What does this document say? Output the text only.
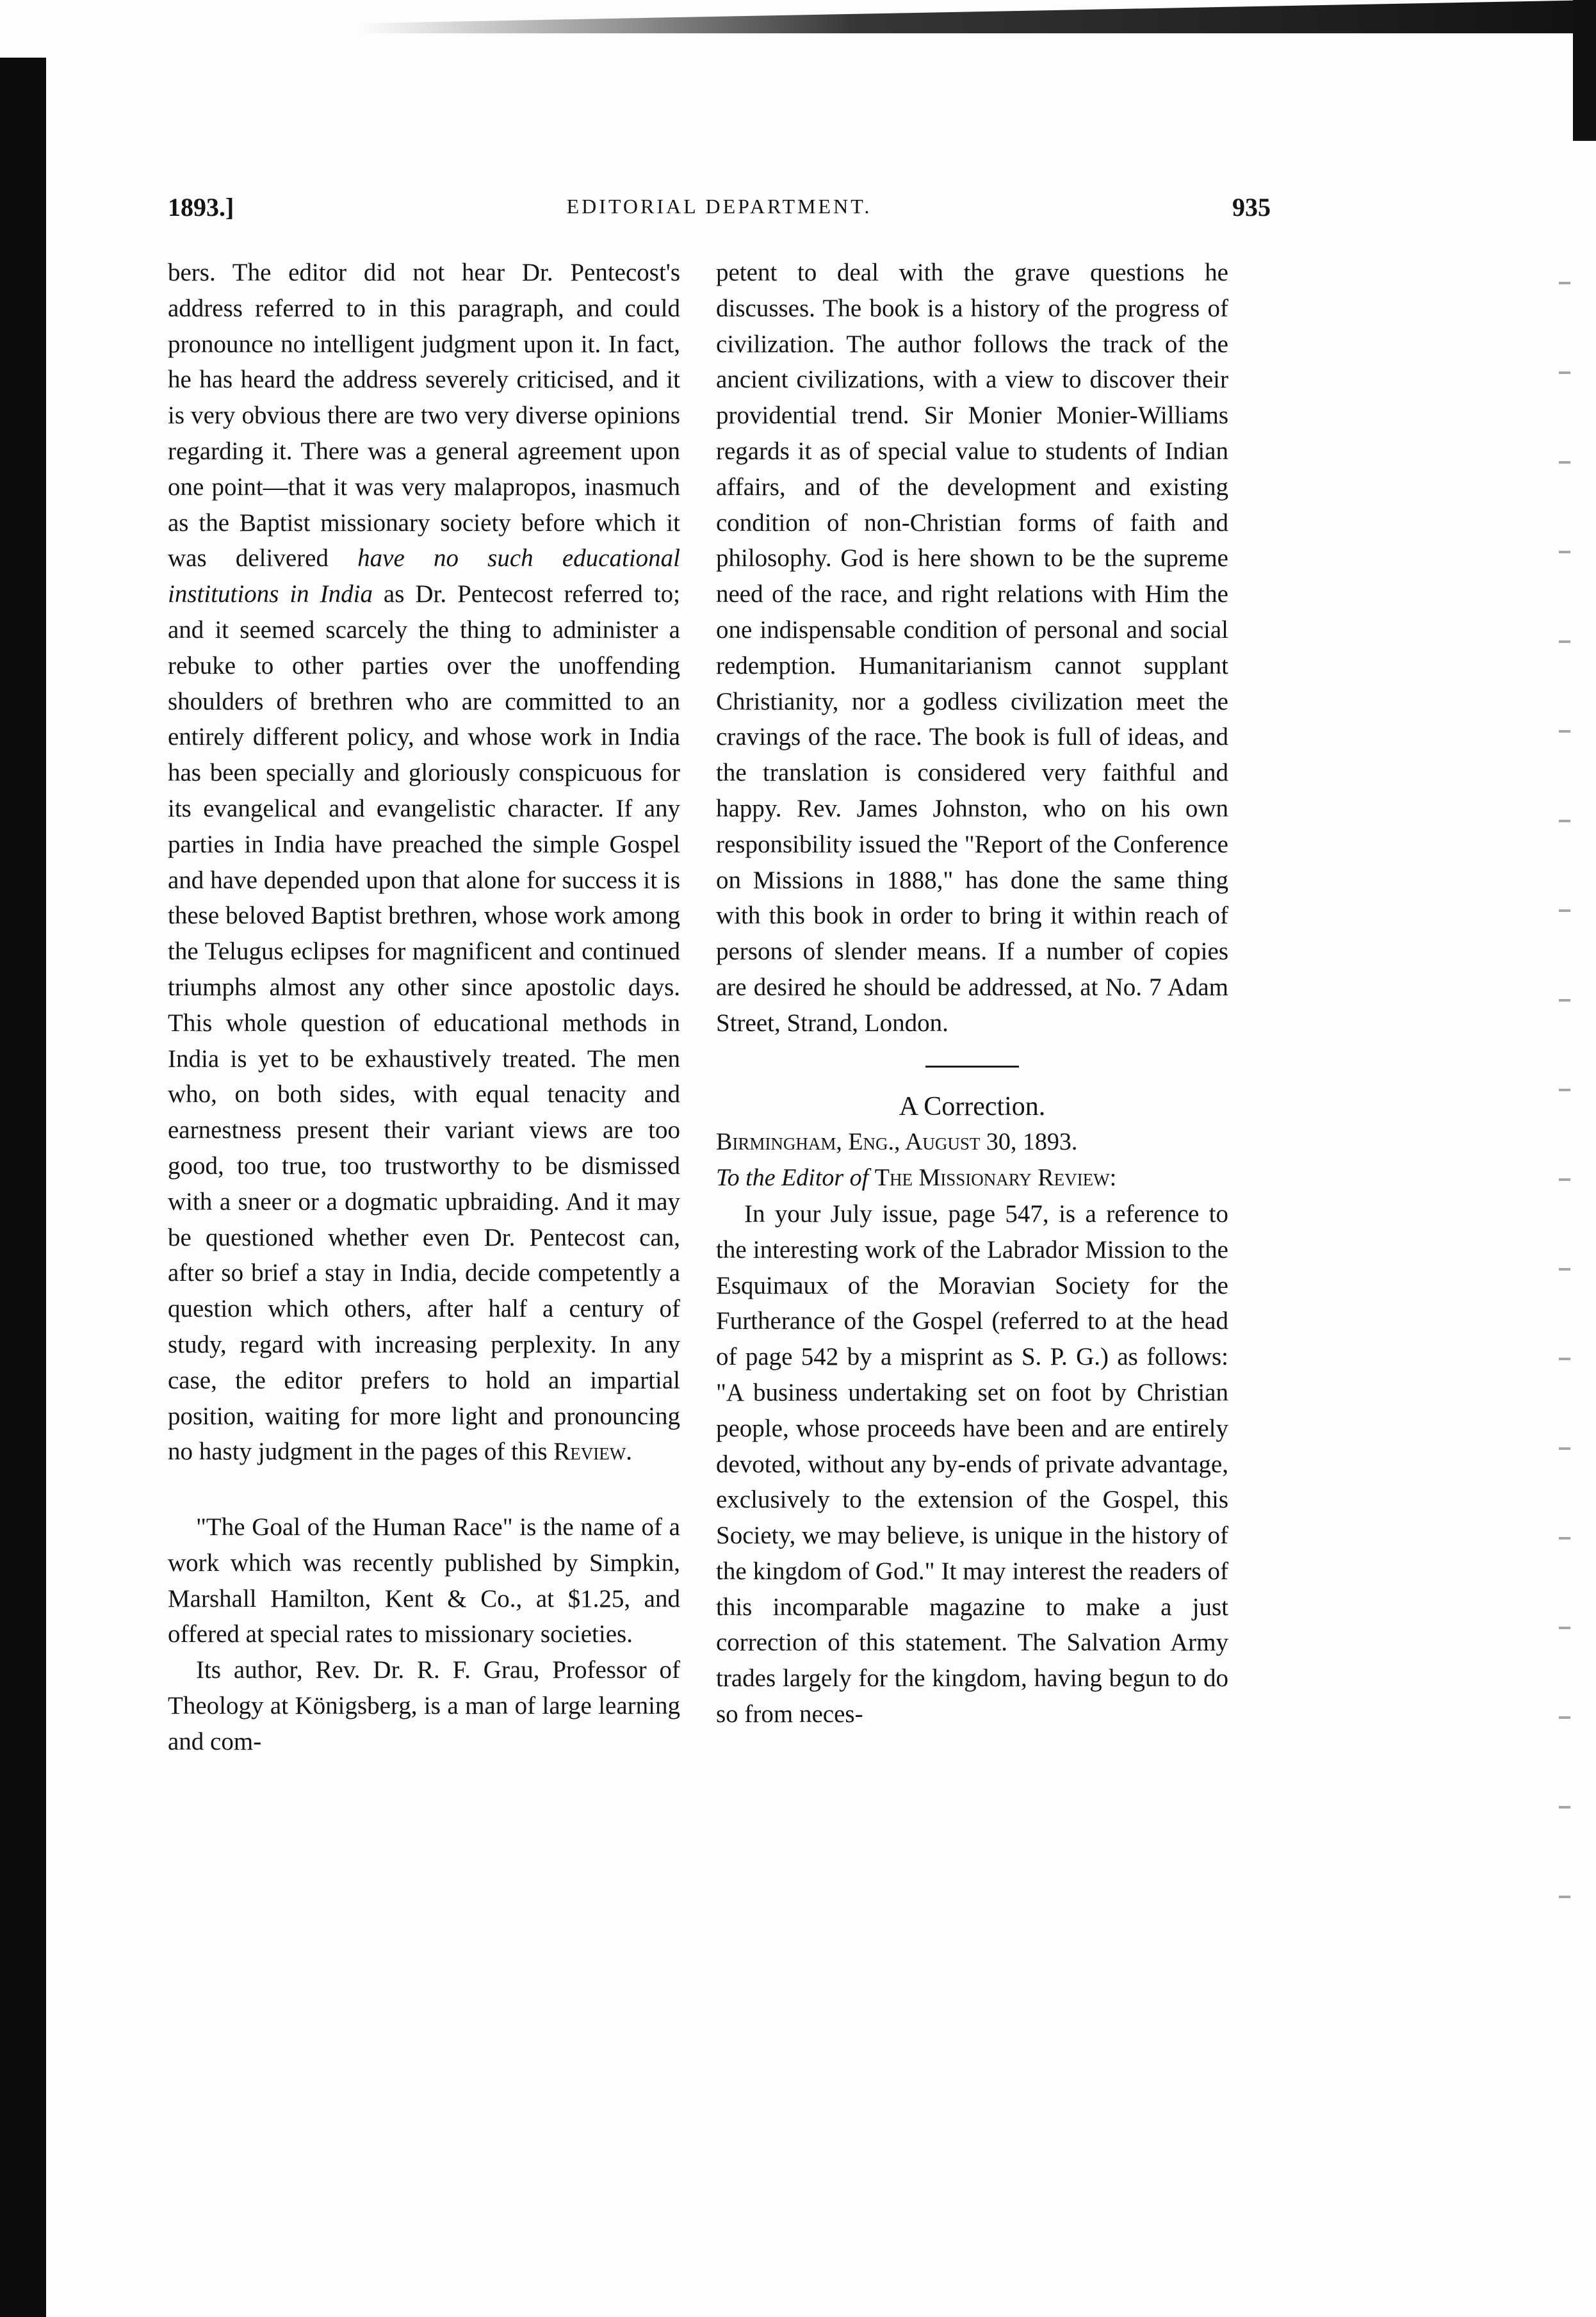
1893.]	EDITORIAL DEPARTMENT.	935

bers. The editor did not hear Dr. Pentecost's address referred to in this paragraph, and could pronounce no intelligent judgment upon it. In fact, he has heard the address severely criticised, and it is very obvious there are two very diverse opinions regarding it. There was a general agreement upon one point—that it was very malapropos, inasmuch as the Baptist missionary society before which it was delivered have no such educational institutions in India as Dr. Pentecost referred to; and it seemed scarcely the thing to administer a rebuke to other parties over the unoffending shoulders of brethren who are committed to an entirely different policy, and whose work in India has been specially and gloriously conspicuous for its evangelical and evangelistic character. If any parties in India have preached the simple Gospel and have depended upon that alone for success it is these beloved Baptist brethren, whose work among the Telugus eclipses for magnificent and continued triumphs almost any other since apostolic days. This whole question of educational methods in India is yet to be exhaustively treated. The men who, on both sides, with equal tenacity and earnestness present their variant views are too good, too true, too trustworthy to be dismissed with a sneer or a dogmatic upbraiding. And it may be questioned whether even Dr. Pentecost can, after so brief a stay in India, decide competently a question which others, after half a century of study, regard with increasing perplexity. In any case, the editor prefers to hold an impartial position, waiting for more light and pronouncing no hasty judgment in the pages of this Review.

"The Goal of the Human Race" is the name of a work which was recently published by Simpkin, Marshall Hamilton, Kent & Co., at $1.25, and offered at special rates to missionary societies.

Its author, Rev. Dr. R. F. Grau, Professor of Theology at Königsberg, is a man of large learning and com-

petent to deal with the grave questions he discusses. The book is a history of the progress of civilization. The author follows the track of the ancient civilizations, with a view to discover their providential trend. Sir Monier Monier-Williams regards it as of special value to students of Indian affairs, and of the development and existing condition of non-Christian forms of faith and philosophy. God is here shown to be the supreme need of the race, and right relations with Him the one indispensable condition of personal and social redemption. Humanitarianism cannot supplant Christianity, nor a godless civilization meet the cravings of the race. The book is full of ideas, and the translation is considered very faithful and happy. Rev. James Johnston, who on his own responsibility issued the "Report of the Conference on Missions in 1888," has done the same thing with this book in order to bring it within reach of persons of slender means. If a number of copies are desired he should be addressed, at No. 7 Adam Street, Strand, London.

A Correction.

Birmingham, Eng., August 30, 1893.

To the Editor of The Missionary Review:

In your July issue, page 547, is a reference to the interesting work of the Labrador Mission to the Esquimaux of the Moravian Society for the Furtherance of the Gospel (referred to at the head of page 542 by a misprint as S. P. G.) as follows: "A business undertaking set on foot by Christian people, whose proceeds have been and are entirely devoted, without any by-ends of private advantage, exclusively to the extension of the Gospel, this Society, we may believe, is unique in the history of the kingdom of God." It may interest the readers of this incomparable magazine to make a just correction of this statement. The Salvation Army trades largely for the kingdom, having begun to do so from neces-
